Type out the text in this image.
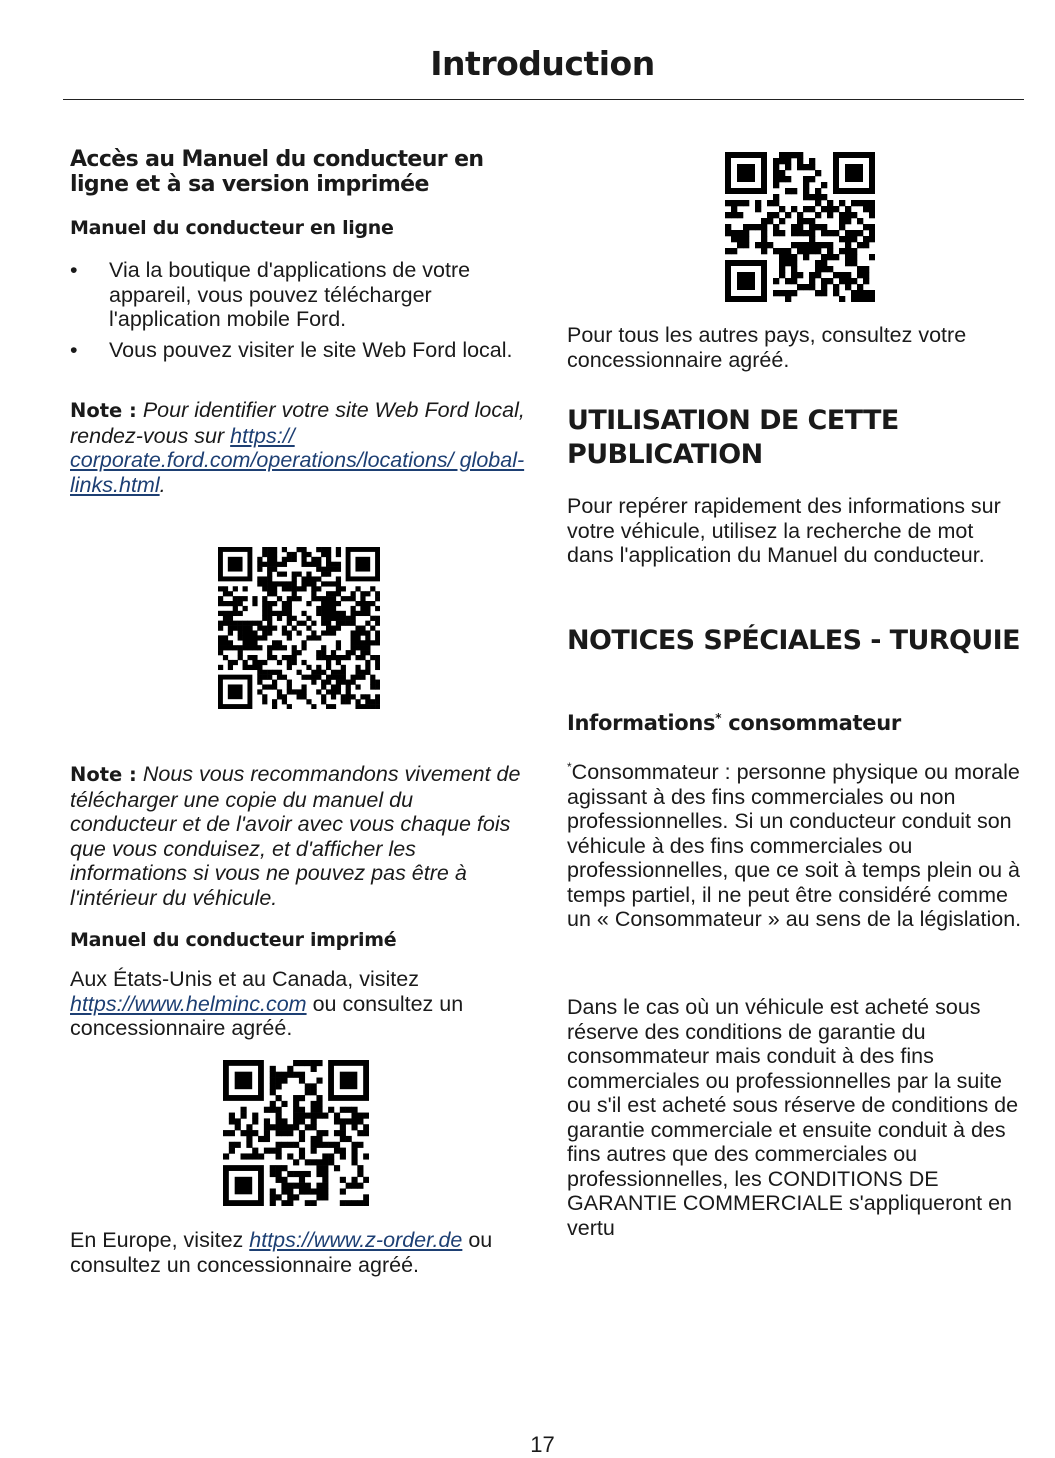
Introduction
Accès au Manuel du conducteur en ligne et à sa version imprimée
Manuel du conducteur en ligne
• Via la boutique d'applications de votre appareil, vous pouvez télécharger l'application mobile Ford.
• Vous pouvez visiter le site Web Ford local.
Note : Pour identifier votre site Web Ford local, rendez-vous sur https:// corporate.ford.com/operations/locations/ global-links.html.
Note : Nous vous recommandons vivement de télécharger une copie du manuel du conducteur et de l'avoir avec vous chaque fois que vous conduisez, et d'afficher les informations si vous ne pouvez pas être à l'intérieur du véhicule.
Manuel du conducteur imprimé
Aux États-Unis et au Canada, visitez https://www.helminc.com ou consultez un concessionnaire agréé.
En Europe, visitez https://www.z-order.de ou consultez un concessionnaire agréé.
Pour tous les autres pays, consultez votre concessionnaire agréé.
UTILISATION DE CETTE PUBLICATION
Pour repérer rapidement des informations sur votre véhicule, utilisez la recherche de mot dans l'application du Manuel du conducteur.
NOTICES SPÉCIALES - TURQUIE
Informations* consommateur
*Consommateur : personne physique ou morale agissant à des fins commerciales ou non professionnelles. Si un conducteur conduit son véhicule à des fins commerciales ou professionnelles, que ce soit à temps plein ou à temps partiel, il ne peut être considéré comme un « Consommateur » au sens de la législation.
Dans le cas où un véhicule est acheté sous réserve des conditions de garantie du consommateur mais conduit à des fins commerciales ou professionnelles par la suite ou s'il est acheté sous réserve de conditions de garantie commerciale et ensuite conduit à des fins autres que des commerciales ou professionnelles, les CONDITIONS DE GARANTIE COMMERCIALE s'appliqueront en vertu
17
